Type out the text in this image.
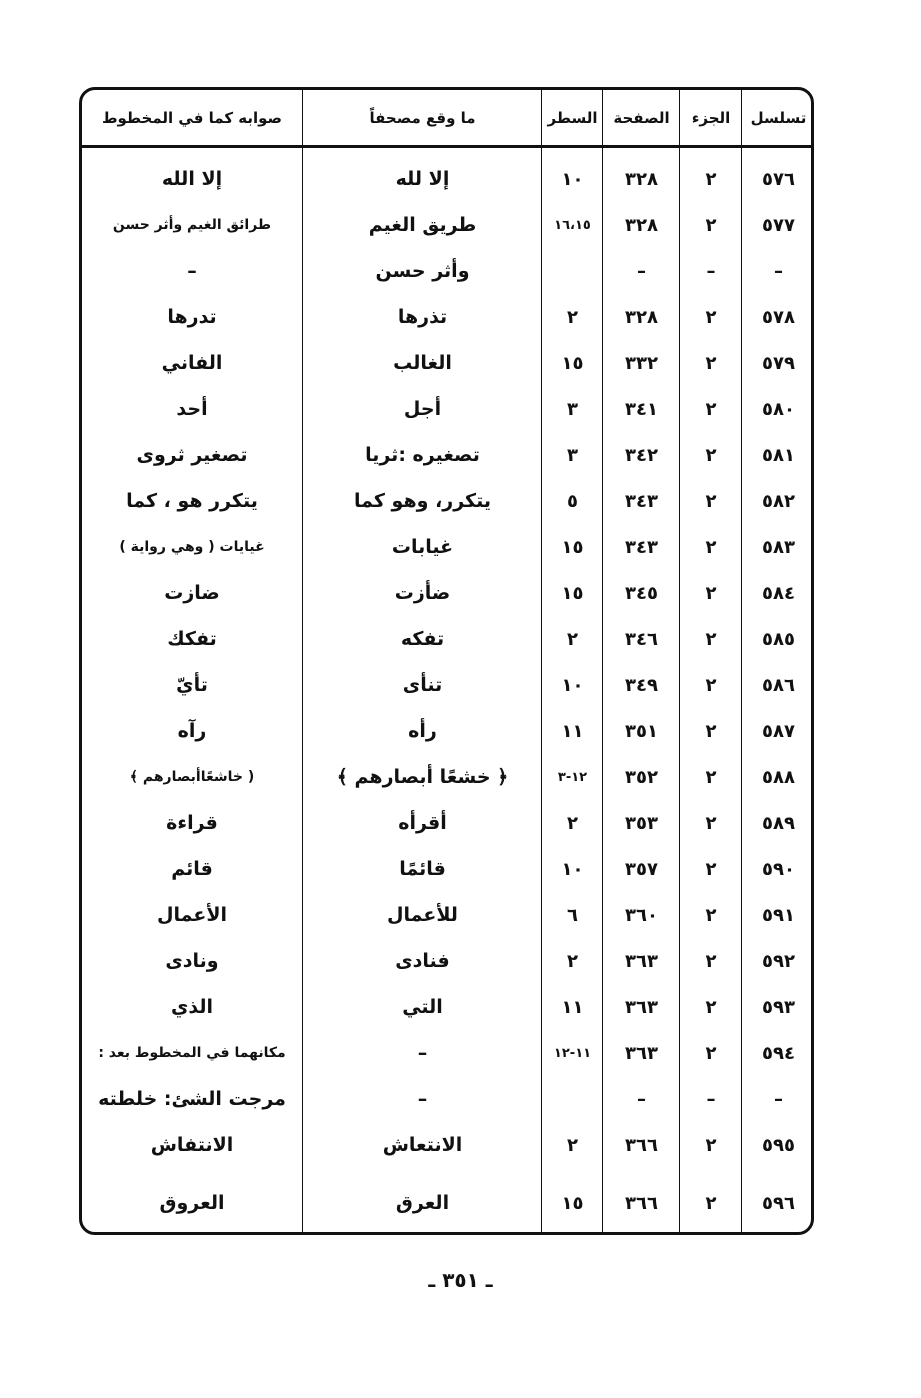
تسلسل
الجزء
الصفحة
السطر
ما وقع مصحفاً
صوابه كما في المخطوط
٥٧٦
٢
٣٢٨
١٠
إلا لله
إلا الله
٥٧٧
٢
٣٢٨
١٦،١٥
طريق الغيم
طرائق الغيم وأثر حسن
–
–
–
وأثر حسن
–
٥٧٨
٢
٣٢٨
٢
تذرها
تدرها
٥٧٩
٢
٣٣٢
١٥
الغالب
الفاني
٥٨٠
٢
٣٤١
٣
أجل
أحد
٥٨١
٢
٣٤٢
٣
تصغيره :ثريا
تصغير ثروى
٥٨٢
٢
٣٤٣
٥
يتكرر، وهو كما
يتكرر هو ، كما
٥٨٣
٢
٣٤٣
١٥
غيابات
غيايات ( وهي رواية )
٥٨٤
٢
٣٤٥
١٥
ضأزت
ضازت
٥٨٥
٢
٣٤٦
٢
تفكه
تفكك
٥٨٦
٢
٣٤٩
١٠
تنأى
تأيّ
٥٨٧
٢
٣٥١
١١
رأه
رآه
٥٨٨
٢
٣٥٢
١٢-٣
﴿ خشعًا أبصارهم ﴾
( خاشعًاأبصارهم ﴾
٥٨٩
٢
٣٥٣
٢
أقرأه
قراءة
٥٩٠
٢
٣٥٧
١٠
قائمًا
قائم
٥٩١
٢
٣٦٠
٦
للأعمال
الأعمال
٥٩٢
٢
٣٦٣
٢
فنادى
ونادى
٥٩٣
٢
٣٦٣
١١
التي
الذي
٥٩٤
٢
٣٦٣
١١-١٢
–
مكانهما في المخطوط بعد :
–
–
–
–
مرجت الشئ: خلطته
٥٩٥
٢
٣٦٦
٢
الانتعاش
الانتفاش
٥٩٦
٢
٣٦٦
١٥
العرق
العروق
ـ ٣٥١ ـ
